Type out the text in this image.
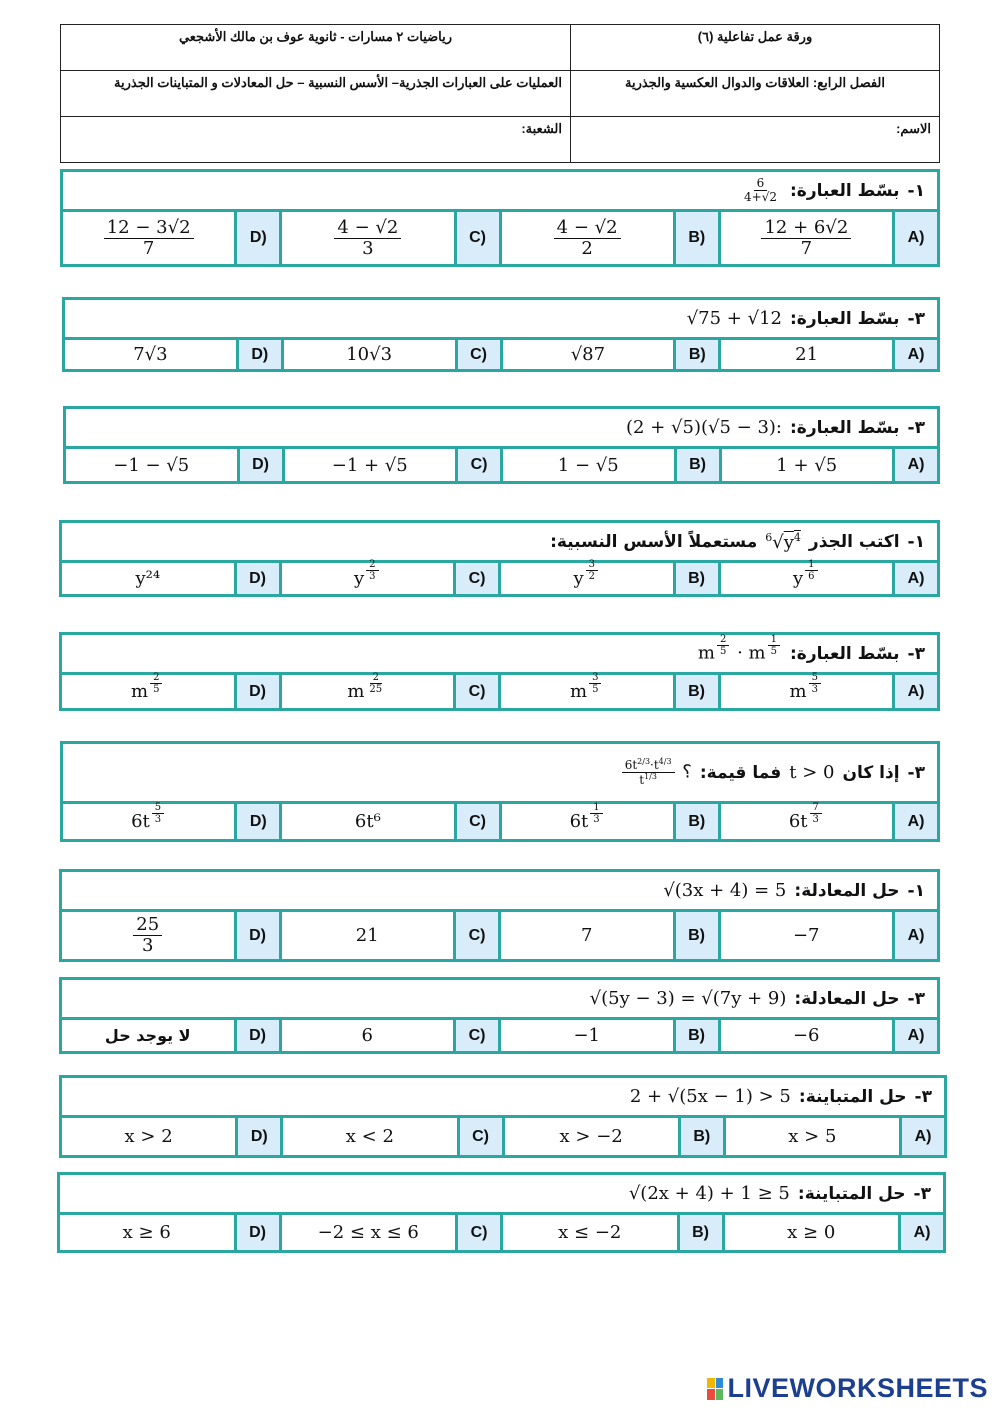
ورقة عمل تفاعلية (٦)	رياضيات ٢ مسارات - ثانوية عوف بن مالك الأشجعي
الفصل الرابع: العلاقات والدوال العكسية والجذرية	العمليات على العبارات الجذرية– الأسس النسبية – حل المعادلات و المتباينات الجذرية
الاسم:	الشعبة:
١-
بسّط العبارة:
$\frac{6}{4+√2}$
(A
$\frac{12 + 6√2}{7}$
(B
$\frac{4 - √2}{2}$
(C
$\frac{4 - √2}{3}$
(D
$\frac{12 - 3√2}{7}$
٣-
بسّط العبارة:
√75 + √12
(A
21
(B
√87
(C
10√3
(D
7√3
٣-
بسّط العبارة:
(2 + √5)(√5 − 3):
(A
1 + √5
(B
1 − √5
(C
−1 + √5
(D
−1 − √5
١-
اكتب الجذر
$^6√y^4$
مستعملاً الأسس النسبية:
(A
y $\frac{1}{6}$
(B
y $\frac{3}{2}$
(C
y $\frac{2}{3}$
(D
y²⁴
٣-
بسّط العبارة:
m $\frac{2}{5} \cdot m \frac{1}{5}$
(A
m $\frac{5}{3}$
(B
m $\frac{3}{5}$
(C
m $\frac{2}{25}$
(D
m $\frac{2}{5}$
٣-
إذا كان
t > 0
فما قيمة:
$\frac{6t^{2/3}\cdot t^{4/3}}{t^{1/3}}$ ؟
(A
$6t \frac{7}{3}$
(B
$6t \frac{1}{3}$
(C
6t⁶
(D
$6t \frac{5}{3}$
١-
حل المعادلة:
√(3x + 4) = 5
(A
−7
(B
7
(C
21
(D
$\frac{25}{3}$
٣-
حل المعادلة:
√(5y − 3) = √(7y + 9)
(A
−6
(B
−1
(C
6
(D
لا يوجد حل
٣-
حل المتباينة:
2 + √(5x − 1) > 5
(A
x > 5
(B
x > −2
(C
x < 2
(D
x > 2
٣-
حل المتباينة:
√(2x + 4) + 1 ≥ 5
(A
x ≥ 0
(B
x ≤ −2
(C
−2 ≤ x ≤ 6
(D
x ≥ 6
LIVEWORKSHEETS
